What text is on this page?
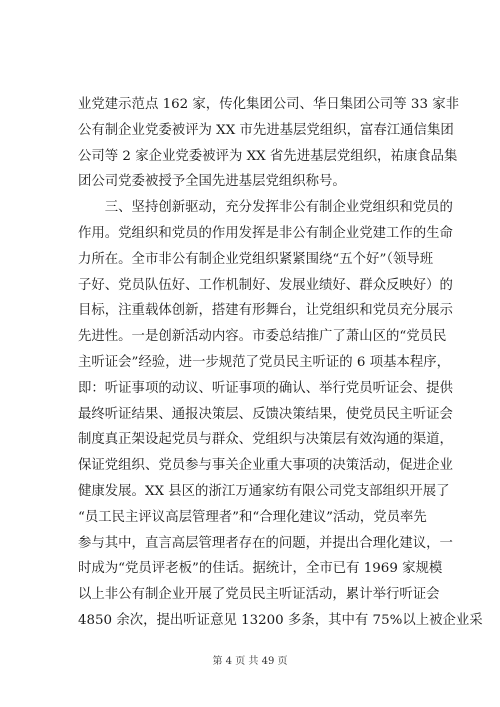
业党建示范点 162 家，传化集团公司、华日集团公司等 33 家非
公有制企业党委被评为 XX 市先进基层党组织，富春江通信集团
公司等 2 家企业党委被评为 XX 省先进基层党组织，祐康食品集
团公司党委被授予全国先进基层党组织称号。
　　三、坚持创新驱动，充分发挥非公有制企业党组织和党员的
作用。党组织和党员的作用发挥是非公有制企业党建工作的生命
力所在。全市非公有制企业党组织紧紧围绕“五个好”（领导班
子好、党员队伍好、工作机制好、发展业绩好、群众反映好）的
目标，注重载体创新，搭建有形舞台，让党组织和党员充分展示
先进性。一是创新活动内容。市委总结推广了萧山区的“党员民
主听证会”经验，进一步规范了党员民主听证的 6 项基本程序，
即：听证事项的动议、听证事项的确认、举行党员听证会、提供
最终听证结果、通报决策层、反馈决策结果，使党员民主听证会
制度真正架设起党员与群众、党组织与决策层有效沟通的渠道，
保证党组织、党员参与事关企业重大事项的决策活动，促进企业
健康发展。XX 县区的浙江万通家纺有限公司党支部组织开展了
“员工民主评议高层管理者”和“合理化建议”活动，党员率先
参与其中，直言高层管理者存在的问题，并提出合理化建议，一
时成为“党员评老板”的佳话。据统计，全市已有 1969 家规模
以上非公有制企业开展了党员民主听证活动，累计举行听证会
4850 余次，提出听证意见 13200 多条，其中有 75%以上被企业采
第 4 页 共 49 页
